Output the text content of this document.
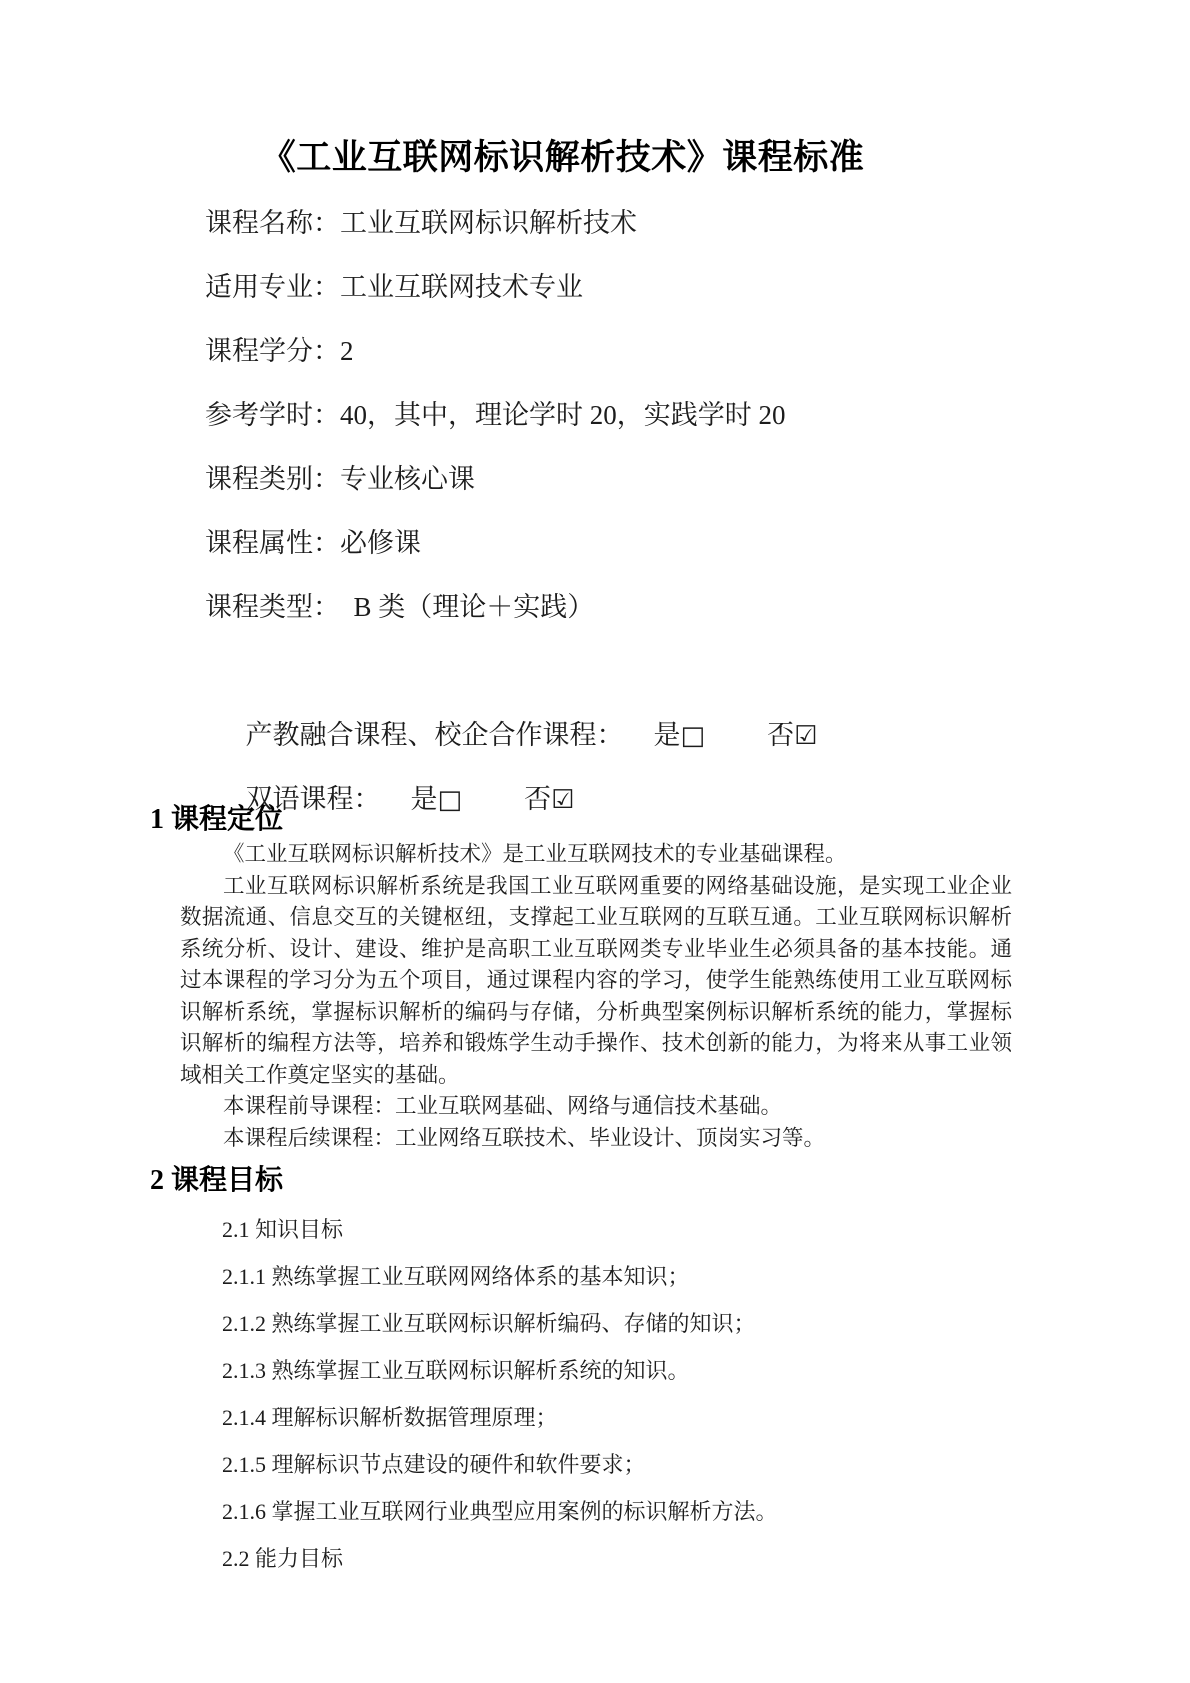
《工业互联网标识解析技术》课程标准
课程名称：工业互联网标识解析技术
适用专业：工业互联网技术专业
课程学分：2
参考学时：40，其中，理论学时 20，实践学时 20
课程类别：专业核心课
课程属性：必修课
课程类型：　B 类（理论＋实践）

产教融合课程、校企合作课程： 是□ 否☑

双语课程： 是□ 否☑

1 课程定位

《工业互联网标识解析技术》是工业互联网技术的专业基础课程。

工业互联网标识解析系统是我国工业互联网重要的网络基础设施，是实现工业企业数据流通、信息交互的关键枢纽，支撑起工业互联网的互联互通。工业互联网标识解析系统分析、设计、建设、维护是高职工业互联网类专业毕业生必须具备的基本技能。通过本课程的学习分为五个项目，通过课程内容的学习，使学生能熟练使用工业互联网标识解析系统，掌握标识解析的编码与存储，分析典型案例标识解析系统的能力，掌握标识解析的编程方法等，培养和锻炼学生动手操作、技术创新的能力，为将来从事工业领域相关工作奠定坚实的基础。

本课程前导课程：工业互联网基础、网络与通信技术基础。

本课程后续课程：工业网络互联技术、毕业设计、顶岗实习等。

2 课程目标
2.1 知识目标
2.1.1 熟练掌握工业互联网网络体系的基本知识；
2.1.2 熟练掌握工业互联网标识解析编码、存储的知识；
2.1.3 熟练掌握工业互联网标识解析系统的知识。
2.1.4 理解标识解析数据管理原理；
2.1.5 理解标识节点建设的硬件和软件要求；
2.1.6 掌握工业互联网行业典型应用案例的标识解析方法。
2.2 能力目标
